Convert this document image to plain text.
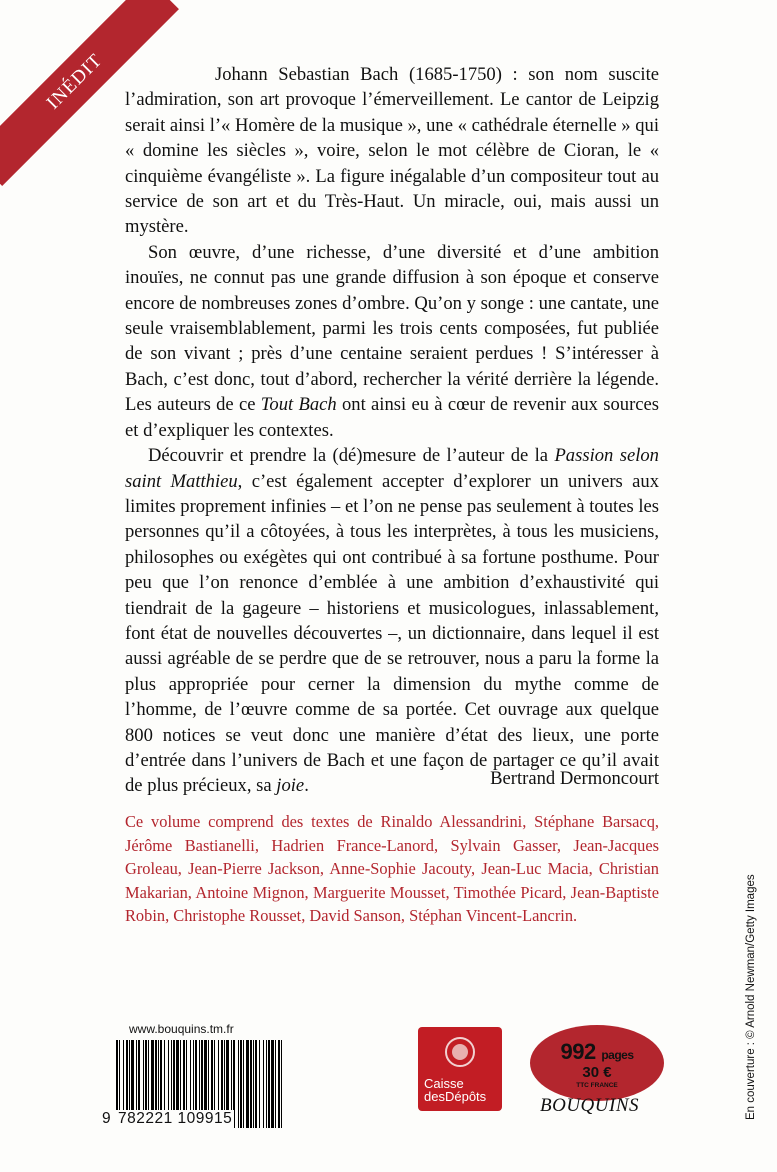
INÉDIT	Johann Sebastian Bach (1685-1750) : son nom suscite l’admiration, son art provoque l’émerveillement. Le cantor de Leipzig serait ainsi l’« Homère de la musique », une « cathédrale éternelle » qui « domine les siècles », voire, selon le mot célèbre de Cioran, le « cinquième évangéliste ». La figure inégalable d’un compositeur tout au service de son art et du Très-Haut. Un miracle, oui, mais aussi un mystère.

Son œuvre, d’une richesse, d’une diversité et d’une ambition inouïes, ne connut pas une grande diffusion à son époque et conserve encore de nombreuses zones d’ombre. Qu’on y songe : une cantate, une seule vraisemblablement, parmi les trois cents composées, fut publiée de son vivant ; près d’une centaine seraient perdues ! S’intéresser à Bach, c’est donc, tout d’abord, rechercher la vérité derrière la légende. Les auteurs de ce Tout Bach ont ainsi eu à cœur de revenir aux sources et d’expliquer les contextes.

Découvrir et prendre la (dé)mesure de l’auteur de la Passion selon saint Matthieu, c’est également accepter d’explorer un univers aux limites proprement infinies – et l’on ne pense pas seulement à toutes les personnes qu’il a côtoyées, à tous les interprètes, à tous les musiciens, philosophes ou exégètes qui ont contribué à sa fortune posthume. Pour peu que l’on renonce d’emblée à une ambition d’exhaustivité qui tiendrait de la gageure – historiens et musicologues, inlassablement, font état de nouvelles découvertes –, un dictionnaire, dans lequel il est aussi agréable de se perdre que de se retrouver, nous a paru la forme la plus appropriée pour cerner la dimension du mythe comme de l’homme, de l’œuvre comme de sa portée. Cet ouvrage aux quelque 800 notices se veut donc une manière d’état des lieux, une porte d’entrée dans l’univers de Bach et une façon de partager ce qu’il avait de plus précieux, sa joie.	Bertrand Dermoncourt
Ce volume comprend des textes de Rinaldo Alessandrini, Stéphane Barsacq, Jérôme Bastianelli, Hadrien France-Lanord, Sylvain Gasser, Jean-Jacques Groleau, Jean-Pierre Jackson, Anne-Sophie Jacouty, Jean-Luc Macia, Christian Makarian, Antoine Mignon, Marguerite Mousset, Timothée Picard, Jean-Baptiste Robin, Christophe Rousset, David Sanson, Stéphan Vincent-Lancrin.	En couverture : © Arnold Newman/Getty Images
www.bouquins.tm.fr
9 782221 109915
Caisse
desDépôts
992 pages
30 €
TTC FRANCE
BOUQUINS
